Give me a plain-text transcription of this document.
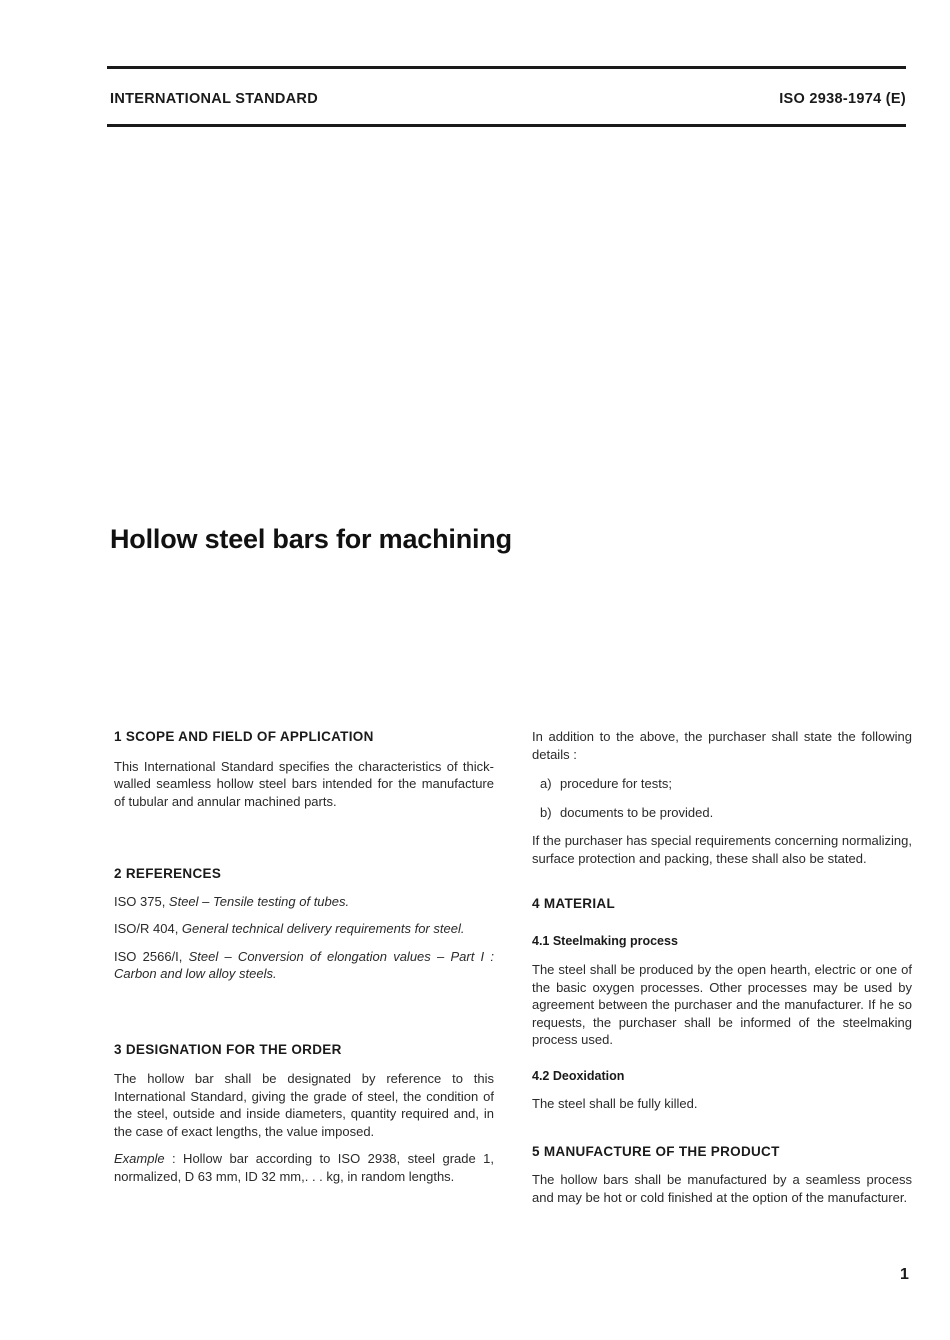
INTERNATIONAL STANDARD	ISO 2938-1974 (E)
Hollow steel bars for machining
1 SCOPE AND FIELD OF APPLICATION

This International Standard specifies the characteristics of thick-walled seamless hollow steel bars intended for the manufacture of tubular and annular machined parts.

2 REFERENCES

ISO 375, Steel – Tensile testing of tubes.

ISO/R 404, General technical delivery requirements for steel.

ISO 2566/I, Steel – Conversion of elongation values – Part I : Carbon and low alloy steels.

3 DESIGNATION FOR THE ORDER

The hollow bar shall be designated by reference to this International Standard, giving the grade of steel, the condition of the steel, outside and inside diameters, quantity required and, in the case of exact lengths, the value imposed.

Example : Hollow bar according to ISO 2938, steel grade 1, normalized, D 63 mm, ID 32 mm,. . . kg, in random lengths.

In addition to the above, the purchaser shall state the following details :

a) procedure for tests;

b) documents to be provided.

If the purchaser has special requirements concerning normalizing, surface protection and packing, these shall also be stated.

4 MATERIAL
4.1 Steelmaking process

The steel shall be produced by the open hearth, electric or one of the basic oxygen processes. Other processes may be used by agreement between the purchaser and the manufacturer. If he so requests, the purchaser shall be informed of the steelmaking process used.

4.2 Deoxidation

The steel shall be fully killed.

5 MANUFACTURE OF THE PRODUCT

The hollow bars shall be manufactured by a seamless process and may be hot or cold finished at the option of the manufacturer.

1
